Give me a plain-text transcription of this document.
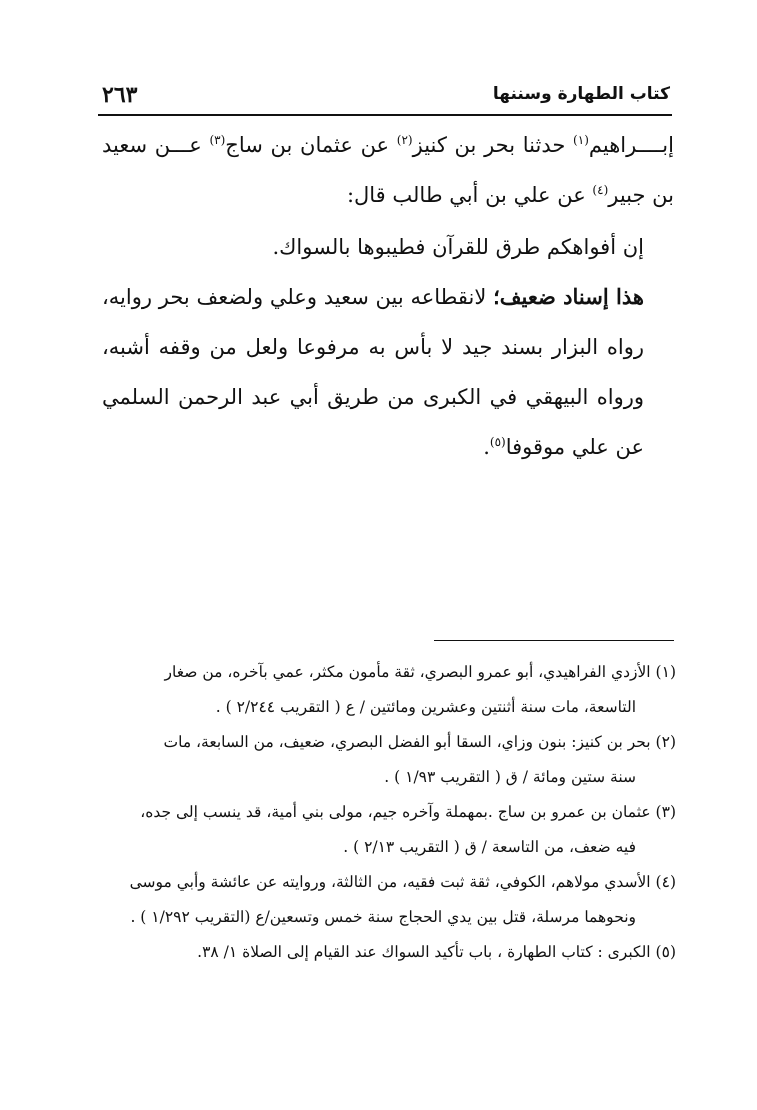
٢٦٣	كتاب الطهارة وسننها

إبــــراهيم$^{(١)}$ حدثنا بحر بن كنيز$^{(٢)}$ عن عثمان بن ساج$^{(٣)}$ عـــن سعيد بن جبير$^{(٤)}$ عن علي بن أبي طالب قال:

إن أفواهكم طرق للقرآن فطيبوها بالسواك.

هذا إسناد ضعيف؛ لانقطاعه بين سعيد وعلي ولضعف بحر روايه، رواه البزار بسند جيد لا بأس به مرفوعا ولعل من وقفه أشبه، ورواه البيهقي في الكبرى من طريق أبي عبد الرحمن السلمي عن علي موقوفا$^{(٥)}$.

(١) الأزدي الفراهيدي، أبو عمرو البصري، ثقة مأمون مكثر، عمي بآخره، من صغار

التاسعة، مات سنة أثنتين وعشرين ومائتين / ع ( التقريب ٢/٢٤٤ ) .

(٢) بحر بن كنيز: بنون وزاي، السقا أبو الفضل البصري، ضعيف، من السابعة، مات

سنة ستين ومائة / ق ( التقريب ١/٩٣ ) .

(٣) عثمان بن عمرو بن ساج .بمهملة وآخره جيم، مولى بني أمية، قد ينسب إلى جده،

فيه ضعف، من التاسعة / ق ( التقريب ٢/١٣ ) .

(٤) الأسدي مولاهم، الكوفي، ثقة ثبت فقيه، من الثالثة، وروايته عن عائشة وأبي موسى

ونحوهما مرسلة، قتل بين يدي الحجاج سنة خمس وتسعين/ع (التقريب ١/٢٩٢ ) .

(٥) الكبرى : كتاب الطهارة ، باب تأكيد السواك عند القيام إلى الصلاة ١/ ٣٨.
